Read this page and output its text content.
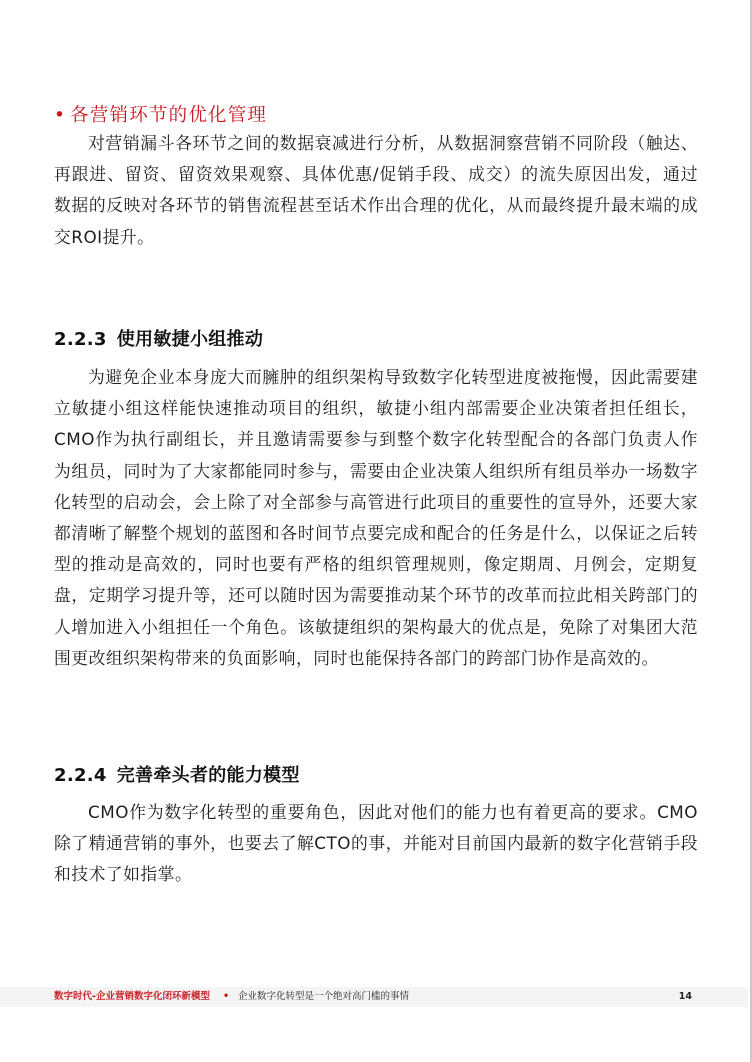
• 各营销环节的优化管理

对营销漏斗各环节之间的数据衰减进行分析，从数据洞察营销不同阶段（触达、再跟进、留资、留资效果观察、具体优惠/促销手段、成交）的流失原因出发，通过数据的反映对各环节的销售流程甚至话术作出合理的优化，从而最终提升最末端的成交ROI提升。

2.2.3 使用敏捷小组推动

为避免企业本身庞大而臃肿的组织架构导致数字化转型进度被拖慢，因此需要建立敏捷小组这样能快速推动项目的组织，敏捷小组内部需要企业决策者担任组长，CMO作为执行副组长，并且邀请需要参与到整个数字化转型配合的各部门负责人作为组员，同时为了大家都能同时参与，需要由企业决策人组织所有组员举办一场数字化转型的启动会，会上除了对全部参与高管进行此项目的重要性的宣导外，还要大家都清晰了解整个规划的蓝图和各时间节点要完成和配合的任务是什么，以保证之后转型的推动是高效的，同时也要有严格的组织管理规则，像定期周、月例会，定期复盘，定期学习提升等，还可以随时因为需要推动某个环节的改革而拉此相关跨部门的人增加进入小组担任一个角色。该敏捷组织的架构最大的优点是，免除了对集团大范围更改组织架构带来的负面影响，同时也能保持各部门的跨部门协作是高效的。

2.2.4 完善牵头者的能力模型

CMO作为数字化转型的重要角色，因此对他们的能力也有着更高的要求。CMO除了精通营销的事外，也要去了解CTO的事，并能对目前国内最新的数字化营销手段和技术了如指掌。

数字时代-企业营销数字化闭环新模型 • 企业数字化转型是一个绝对高门槛的事情	14
